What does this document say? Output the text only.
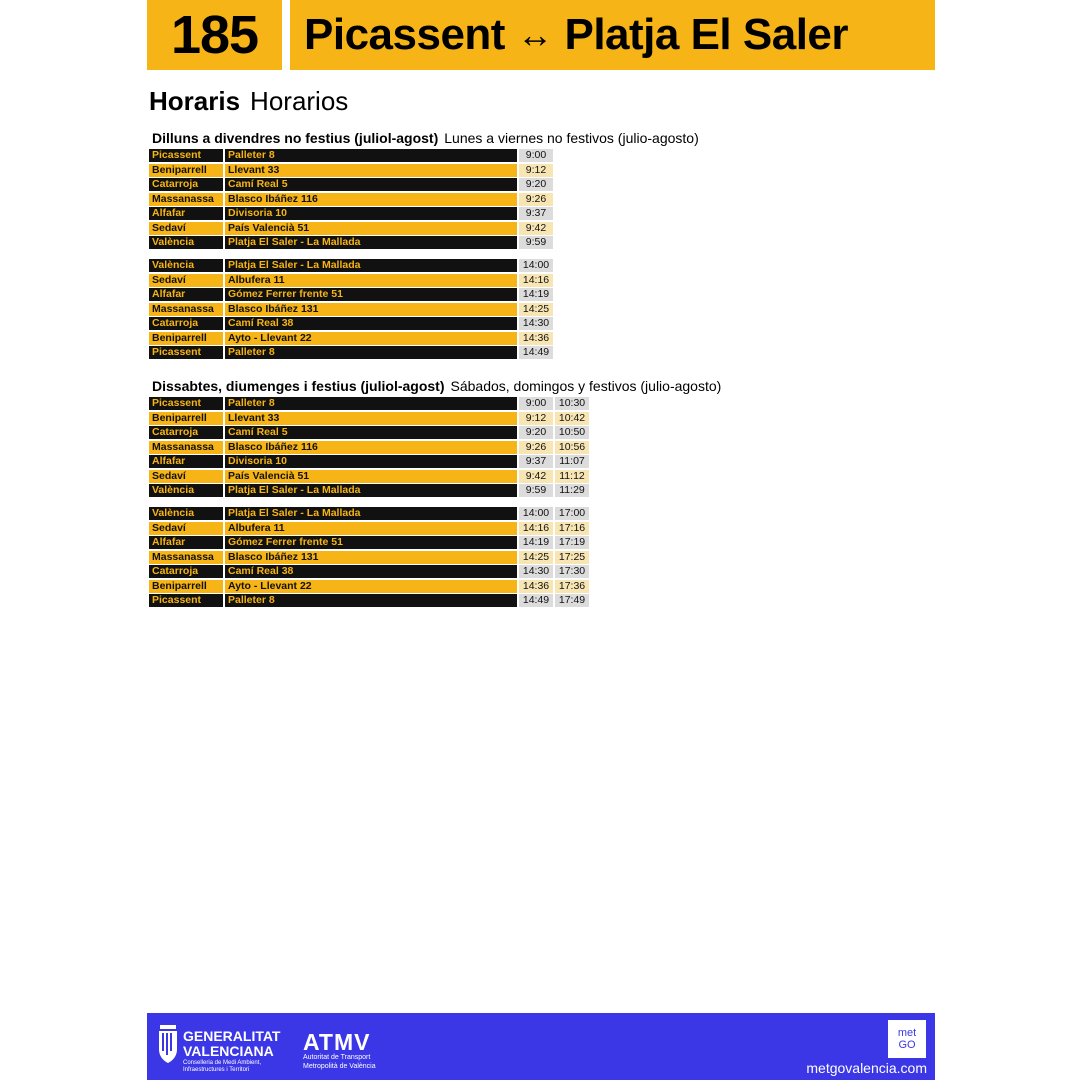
185	Picassent ↔ Platja El Saler
Horaris Horarios
Dilluns a divendres no festius (juliol-agost) Lunes a viernes no festivos (julio-agosto)
Picassent	Palleter 8	9:00
Beniparrell	Llevant 33	9:12
Catarroja	Camí Real 5	9:20
Massanassa	Blasco Ibáñez 116	9:26
Alfafar	Divisoria 10	9:37
Sedaví	País Valencià 51	9:42
València	Platja El Saler - La Mallada	9:59
València	Platja El Saler - La Mallada	14:00
Sedaví	Albufera 11	14:16
Alfafar	Gómez Ferrer frente 51	14:19
Massanassa	Blasco Ibáñez 131	14:25
Catarroja	Camí Real 38	14:30
Beniparrell	Ayto - Llevant 22	14:36
Picassent	Palleter 8	14:49
Dissabtes, diumenges i festius (juliol-agost) Sábados, domingos y festivos (julio-agosto)
Picassent	Palleter 8	9:00	10:30
Beniparrell	Llevant 33	9:12	10:42
Catarroja	Camí Real 5	9:20	10:50
Massanassa	Blasco Ibáñez 116	9:26	10:56
Alfafar	Divisoria 10	9:37	11:07
Sedaví	País Valencià 51	9:42	11:12
València	Platja El Saler - La Mallada	9:59	11:29
València	Platja El Saler - La Mallada	14:00 17:00
Sedaví	Albufera 11	14:16 17:16
Alfafar	Gómez Ferrer frente 51	14:19 17:19
Massanassa	Blasco Ibáñez 131	14:25 17:25
Catarroja	Camí Real 38	14:30 17:30
Beniparrell	Ayto - Llevant 22	14:36 17:36
Picassent	Palleter 8	14:49 17:49
GENERALITAT
VALENCIANA
Conselleria de Medi Ambient,
Infraestructures i Territori
ATMV
Autoritat de Transport
Metropolità de València
met
GO
metgovalencia.com
